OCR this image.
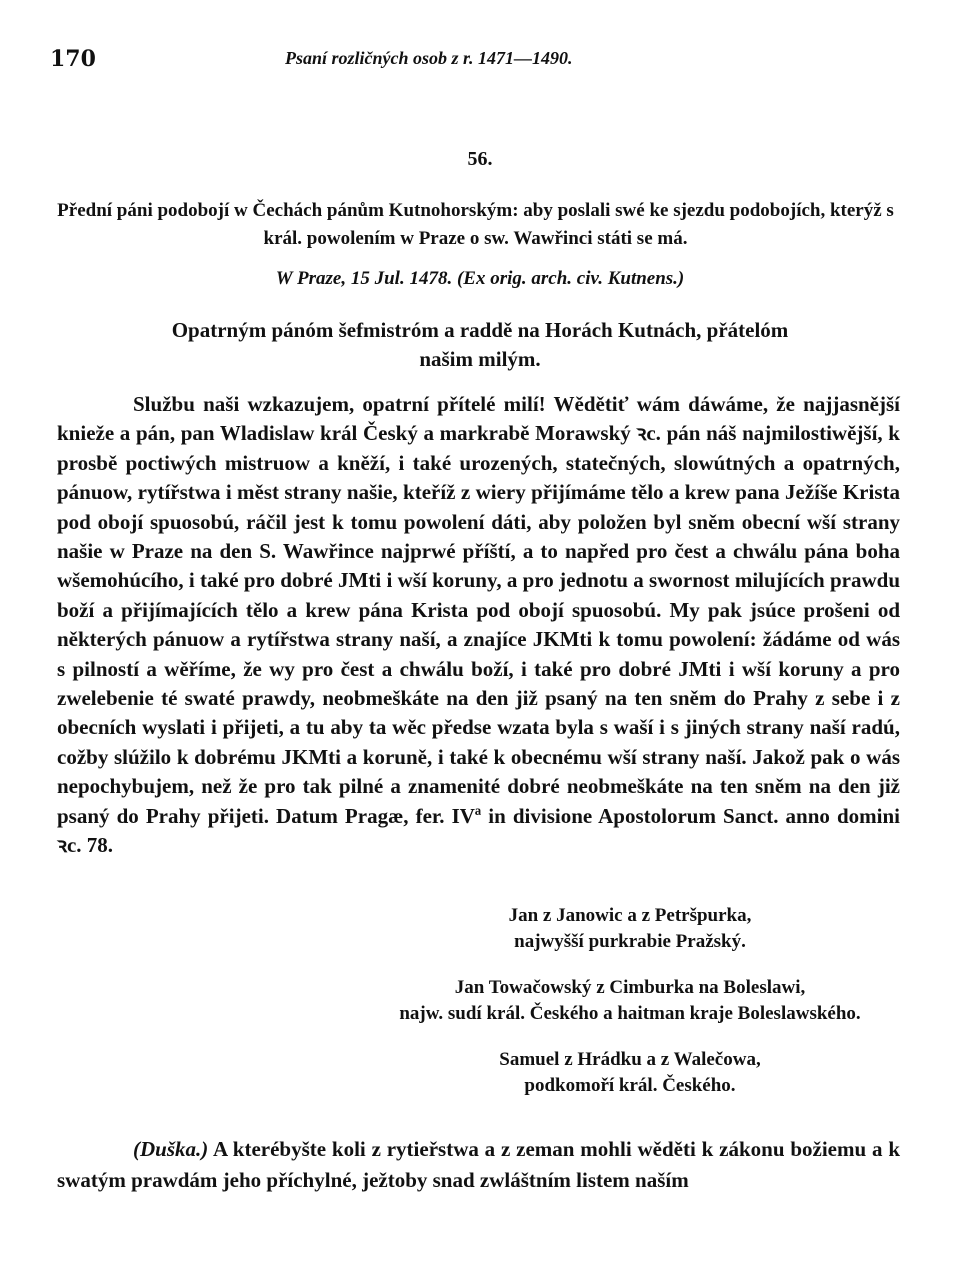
170	Psaní rozličných osob z r. 1471—1490.
56.
Přední páni podobojí w Čechách pánům Kutnohorským: aby poslali swé ke sjezdu podobojích, kterýž s král. powolením w Praze o sw. Wawřinci státi se má.
W Praze, 15 Jul. 1478. (Ex orig. arch. civ. Kutnens.)
Opatrným pánóm šefmistróm a raddě na Horách Kutnách, přátelóm
našim milým.
Službu naši wzkazujem, opatrní přítelé milí! Wědětiť wám dáwáme, že najjasnější knieže a pán, pan Wladislaw král Český a markrabě Morawský ꝛc. pán náš najmilostiwější, k prosbě poctiwých mistruow a kněží, i také urozených, statečných, slowútných a opatrných, pánuow, rytířstwa i měst strany našie, kteříž z wiery přijímáme tělo a krew pana Ježíše Krista pod obojí spuosobú, ráčil jest k tomu powolení dáti, aby položen byl sněm obecní wší strany našie w Praze na den S. Wawřince najprwé příští, a to napřed pro čest a chwálu pána boha wšemohúcího, i také pro dobré JMti i wší koruny, a pro jednotu a swornost milujících prawdu boží a přijímajících tělo a krew pána Krista pod obojí spuosobú. My pak jsúce prošeni od některých pánuow a rytířstwa strany naší, a znajíce JKMti k tomu powolení: žádáme od wás s pilností a wěříme, že wy pro čest a chwálu boží, i také pro dobré JMti i wší koruny a pro zwelebenie té swaté prawdy, neobmeškáte na den již psaný na ten sněm do Prahy z sebe i z obecních wyslati i přijeti, a tu aby ta wěc předse wzata byla s waší i s jiných strany naší radú, cožby slúžilo k dobrému JKMti a koruně, i také k obecnému wší strany naší. Jakož pak o wás nepochybujem, než že pro tak pilné a znamenité dobré neobmeškáte na ten sněm na den již psaný do Prahy přijeti. Datum Pragæ, fer. IVª in divisione Apostolorum Sanct. anno domini ꝛc. 78.
Jan z Janowic a z Petršpurka,
najwyšší purkrabie Pražský.
Jan Towačowský z Cimburka na Boleslawi,
najw. sudí král. Českého a haitman kraje Boleslawského.
Samuel z Hrádku a z Walečowa,
podkomoří král. Českého.
(Duška.) A kterébyšte koli z rytieřstwa a z zeman mohli wěděti k zákonu božiemu a k swatým prawdám jeho příchylné, ježtoby snad zwláštním listem naším
